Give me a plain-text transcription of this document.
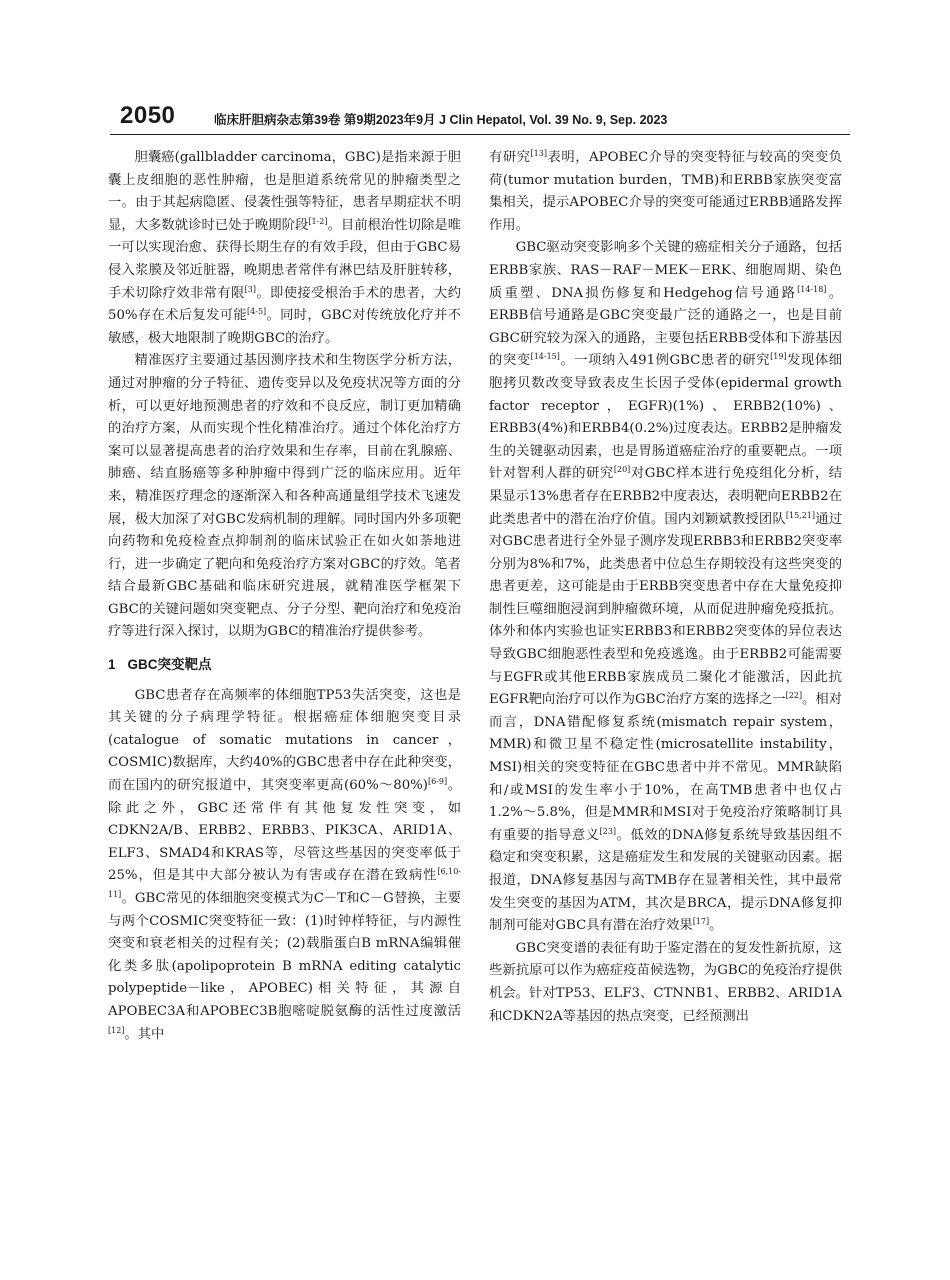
2050	临床肝胆病杂志第39卷 第9期2023年9月 J Clin Hepatol, Vol. 39 No. 9, Sep. 2023

胆囊癌(gallbladder carcinoma，GBC)是指来源于胆囊上皮细胞的恶性肿瘤，也是胆道系统常见的肿瘤类型之一。由于其起病隐匿、侵袭性强等特征，患者早期症状不明显，大多数就诊时已处于晚期阶段[1-2]。目前根治性切除是唯一可以实现治愈、获得长期生存的有效手段，但由于GBC易侵入浆膜及邻近脏器，晚期患者常伴有淋巴结及肝脏转移，手术切除疗效非常有限[3]。即使接受根治手术的患者，大约50%存在术后复发可能[4-5]。同时，GBC对传统放化疗并不敏感，极大地限制了晚期GBC的治疗。

精准医疗主要通过基因测序技术和生物医学分析方法，通过对肿瘤的分子特征、遗传变异以及免疫状况等方面的分析，可以更好地预测患者的疗效和不良反应，制订更加精确的治疗方案，从而实现个性化精准治疗。通过个体化治疗方案可以显著提高患者的治疗效果和生存率，目前在乳腺癌、肺癌、结直肠癌等多种肿瘤中得到广泛的临床应用。近年来，精准医疗理念的逐渐深入和各种高通量组学技术飞速发展，极大加深了对GBC发病机制的理解。同时国内外多项靶向药物和免疫检查点抑制剂的临床试验正在如火如荼地进行，进一步确定了靶向和免疫治疗方案对GBC的疗效。笔者结合最新GBC基础和临床研究进展，就精准医学框架下GBC的关键问题如突变靶点、分子分型、靶向治疗和免疫治疗等进行深入探讨，以期为GBC的精准治疗提供参考。

1 GBC突变靶点

GBC患者存在高频率的体细胞TP53失活突变，这也是其关键的分子病理学特征。根据癌症体细胞突变目录(catalogue of somatic mutations in cancer，COSMIC)数据库，大约40%的GBC患者中存在此种突变，而在国内的研究报道中，其突变率更高(60%～80%)[6-9]。除此之外，GBC还常伴有其他复发性突变，如CDKN2A/B、ERBB2、ERBB3、PIK3CA、ARID1A、ELF3、SMAD4和KRAS等，尽管这些基因的突变率低于25%，但是其中大部分被认为有害或存在潜在致病性[6,10-11]。GBC常见的体细胞突变模式为C－T和C－G替换，主要与两个COSMIC突变特征一致：(1)时钟样特征，与内源性突变和衰老相关的过程有关；(2)载脂蛋白B mRNA编辑催化类多肽(apolipoprotein B mRNA editing catalytic polypeptide－like，APOBEC)相关特征，其源自APOBEC3A和APOBEC3B胞嘧啶脱氨酶的活性过度激活[12]。其中

有研究[13]表明，APOBEC介导的突变特征与较高的突变负荷(tumor mutation burden，TMB)和ERBB家族突变富集相关，提示APOBEC介导的突变可能通过ERBB通路发挥作用。

GBC驱动突变影响多个关键的癌症相关分子通路，包括ERBB家族、RAS－RAF－MEK－ERK、细胞周期、染色质重塑、DNA损伤修复和Hedgehog信号通路[14-18]。ERBB信号通路是GBC突变最广泛的通路之一，也是目前GBC研究较为深入的通路，主要包括ERBB受体和下游基因的突变[14-15]。一项纳入491例GBC患者的研究[19]发现体细胞拷贝数改变导致表皮生长因子受体(epidermal growth factor receptor，EGFR)(1%)、ERBB2(10%)、ERBB3(4%)和ERBB4(0.2%)过度表达。ERBB2是肿瘤发生的关键驱动因素，也是胃肠道癌症治疗的重要靶点。一项针对智利人群的研究[20]对GBC样本进行免疫组化分析，结果显示13%患者存在ERBB2中度表达，表明靶向ERBB2在此类患者中的潜在治疗价值。国内刘颖斌教授团队[15,21]通过对GBC患者进行全外显子测序发现ERBB3和ERBB2突变率分别为8%和7%，此类患者中位总生存期较没有这些突变的患者更差，这可能是由于ERBB突变患者中存在大量免疫抑制性巨噬细胞浸润到肿瘤微环境，从而促进肿瘤免疫抵抗。体外和体内实验也证实ERBB3和ERBB2突变体的异位表达导致GBC细胞恶性表型和免疫逃逸。由于ERBB2可能需要与EGFR或其他ERBB家族成员二聚化才能激活，因此抗EGFR靶向治疗可以作为GBC治疗方案的选择之一[22]。相对而言，DNA错配修复系统(mismatch repair system，MMR)和微卫星不稳定性(microsatellite instability，MSI)相关的突变特征在GBC患者中并不常见。MMR缺陷和/或MSI的发生率小于10%，在高TMB患者中也仅占1.2%～5.8%，但是MMR和MSI对于免疫治疗策略制订具有重要的指导意义[23]。低效的DNA修复系统导致基因组不稳定和突变积累，这是癌症发生和发展的关键驱动因素。据报道，DNA修复基因与高TMB存在显著相关性，其中最常发生突变的基因为ATM，其次是BRCA，提示DNA修复抑制剂可能对GBC具有潜在治疗效果[17]。

GBC突变谱的表征有助于鉴定潜在的复发性新抗原，这些新抗原可以作为癌症疫苗候选物，为GBC的免疫治疗提供机会。针对TP53、ELF3、CTNNB1、ERBB2、ARID1A和CDKN2A等基因的热点突变，已经预测出
